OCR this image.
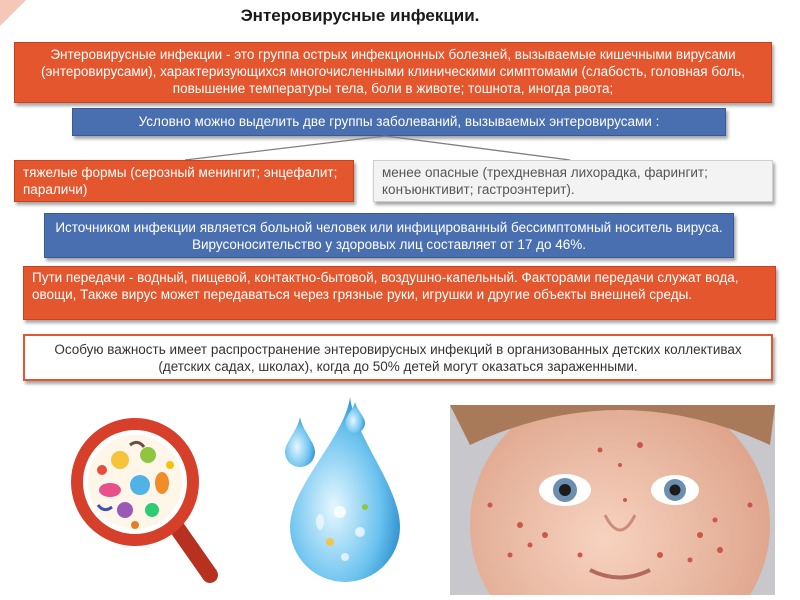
Энтеровирусные инфекции.
Энтеровирусные инфекции - это группа острых инфекционных болезней, вызываемые кишечными вирусами (энтеровирусами), характеризующихся многочисленными клиническими симптомами (слабость, головная боль, повышение температуры тела, боли в животе; тошнота, иногда рвота;
Условно можно выделить две группы заболеваний, вызываемых энтеровирусами :
тяжелые формы (серозный менингит; энцефалит; параличи)
менее опасные (трехдневная лихорадка, фарингит; конъюнктивит; гастроэнтерит).
Источником инфекции является больной человек или инфицированный бессимптомный носитель вируса. Вирусоносительство у здоровых лиц составляет от 17 до 46%.
Пути передачи - водный, пищевой, контактно-бытовой, воздушно-капельный. Факторами передачи служат вода, овощи, Также вирус может передаваться через грязные руки, игрушки и другие объекты внешней среды.
Особую важность имеет распространение энтеровирусных инфекций в организованных детских коллективах (детских садах, школах), когда до 50% детей могут оказаться зараженными.
